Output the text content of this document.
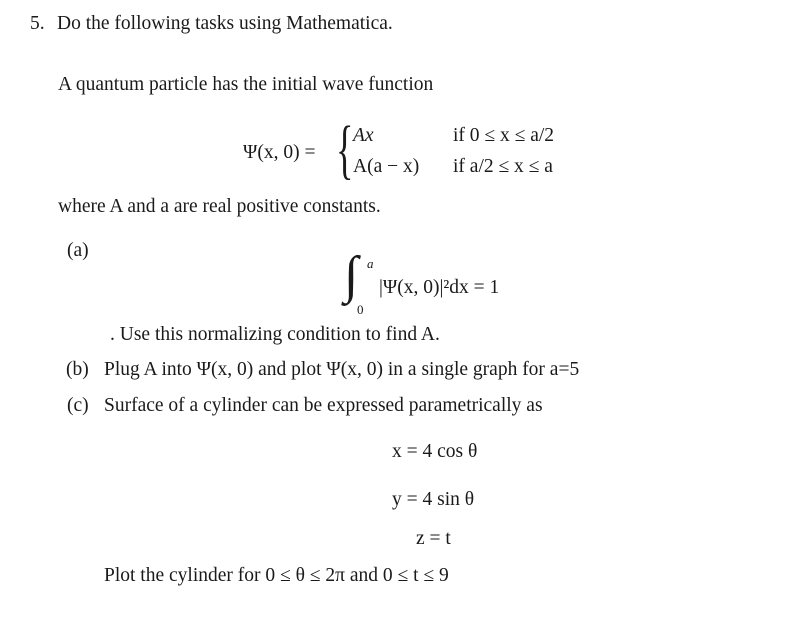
5. Do the following tasks using Mathematica.
A quantum particle has the initial wave function
Ψ(x, 0) = { Ax	if 0 ≤ x ≤ a/2
A(a − x) if a/2 ≤ x ≤ a
where A and a are real positive constants.
(a)	∫ a
0
|Ψ(x, 0)|²dx = 1
. Use this normalizing condition to find A.
(b) Plug A into Ψ(x, 0) and plot Ψ(x, 0) in a single graph for a=5
(c) Surface of a cylinder can be expressed parametrically as
x = 4 cos θ
y = 4 sin θ
z = t
Plot the cylinder for 0 ≤ θ ≤ 2π and 0 ≤ t ≤ 9
